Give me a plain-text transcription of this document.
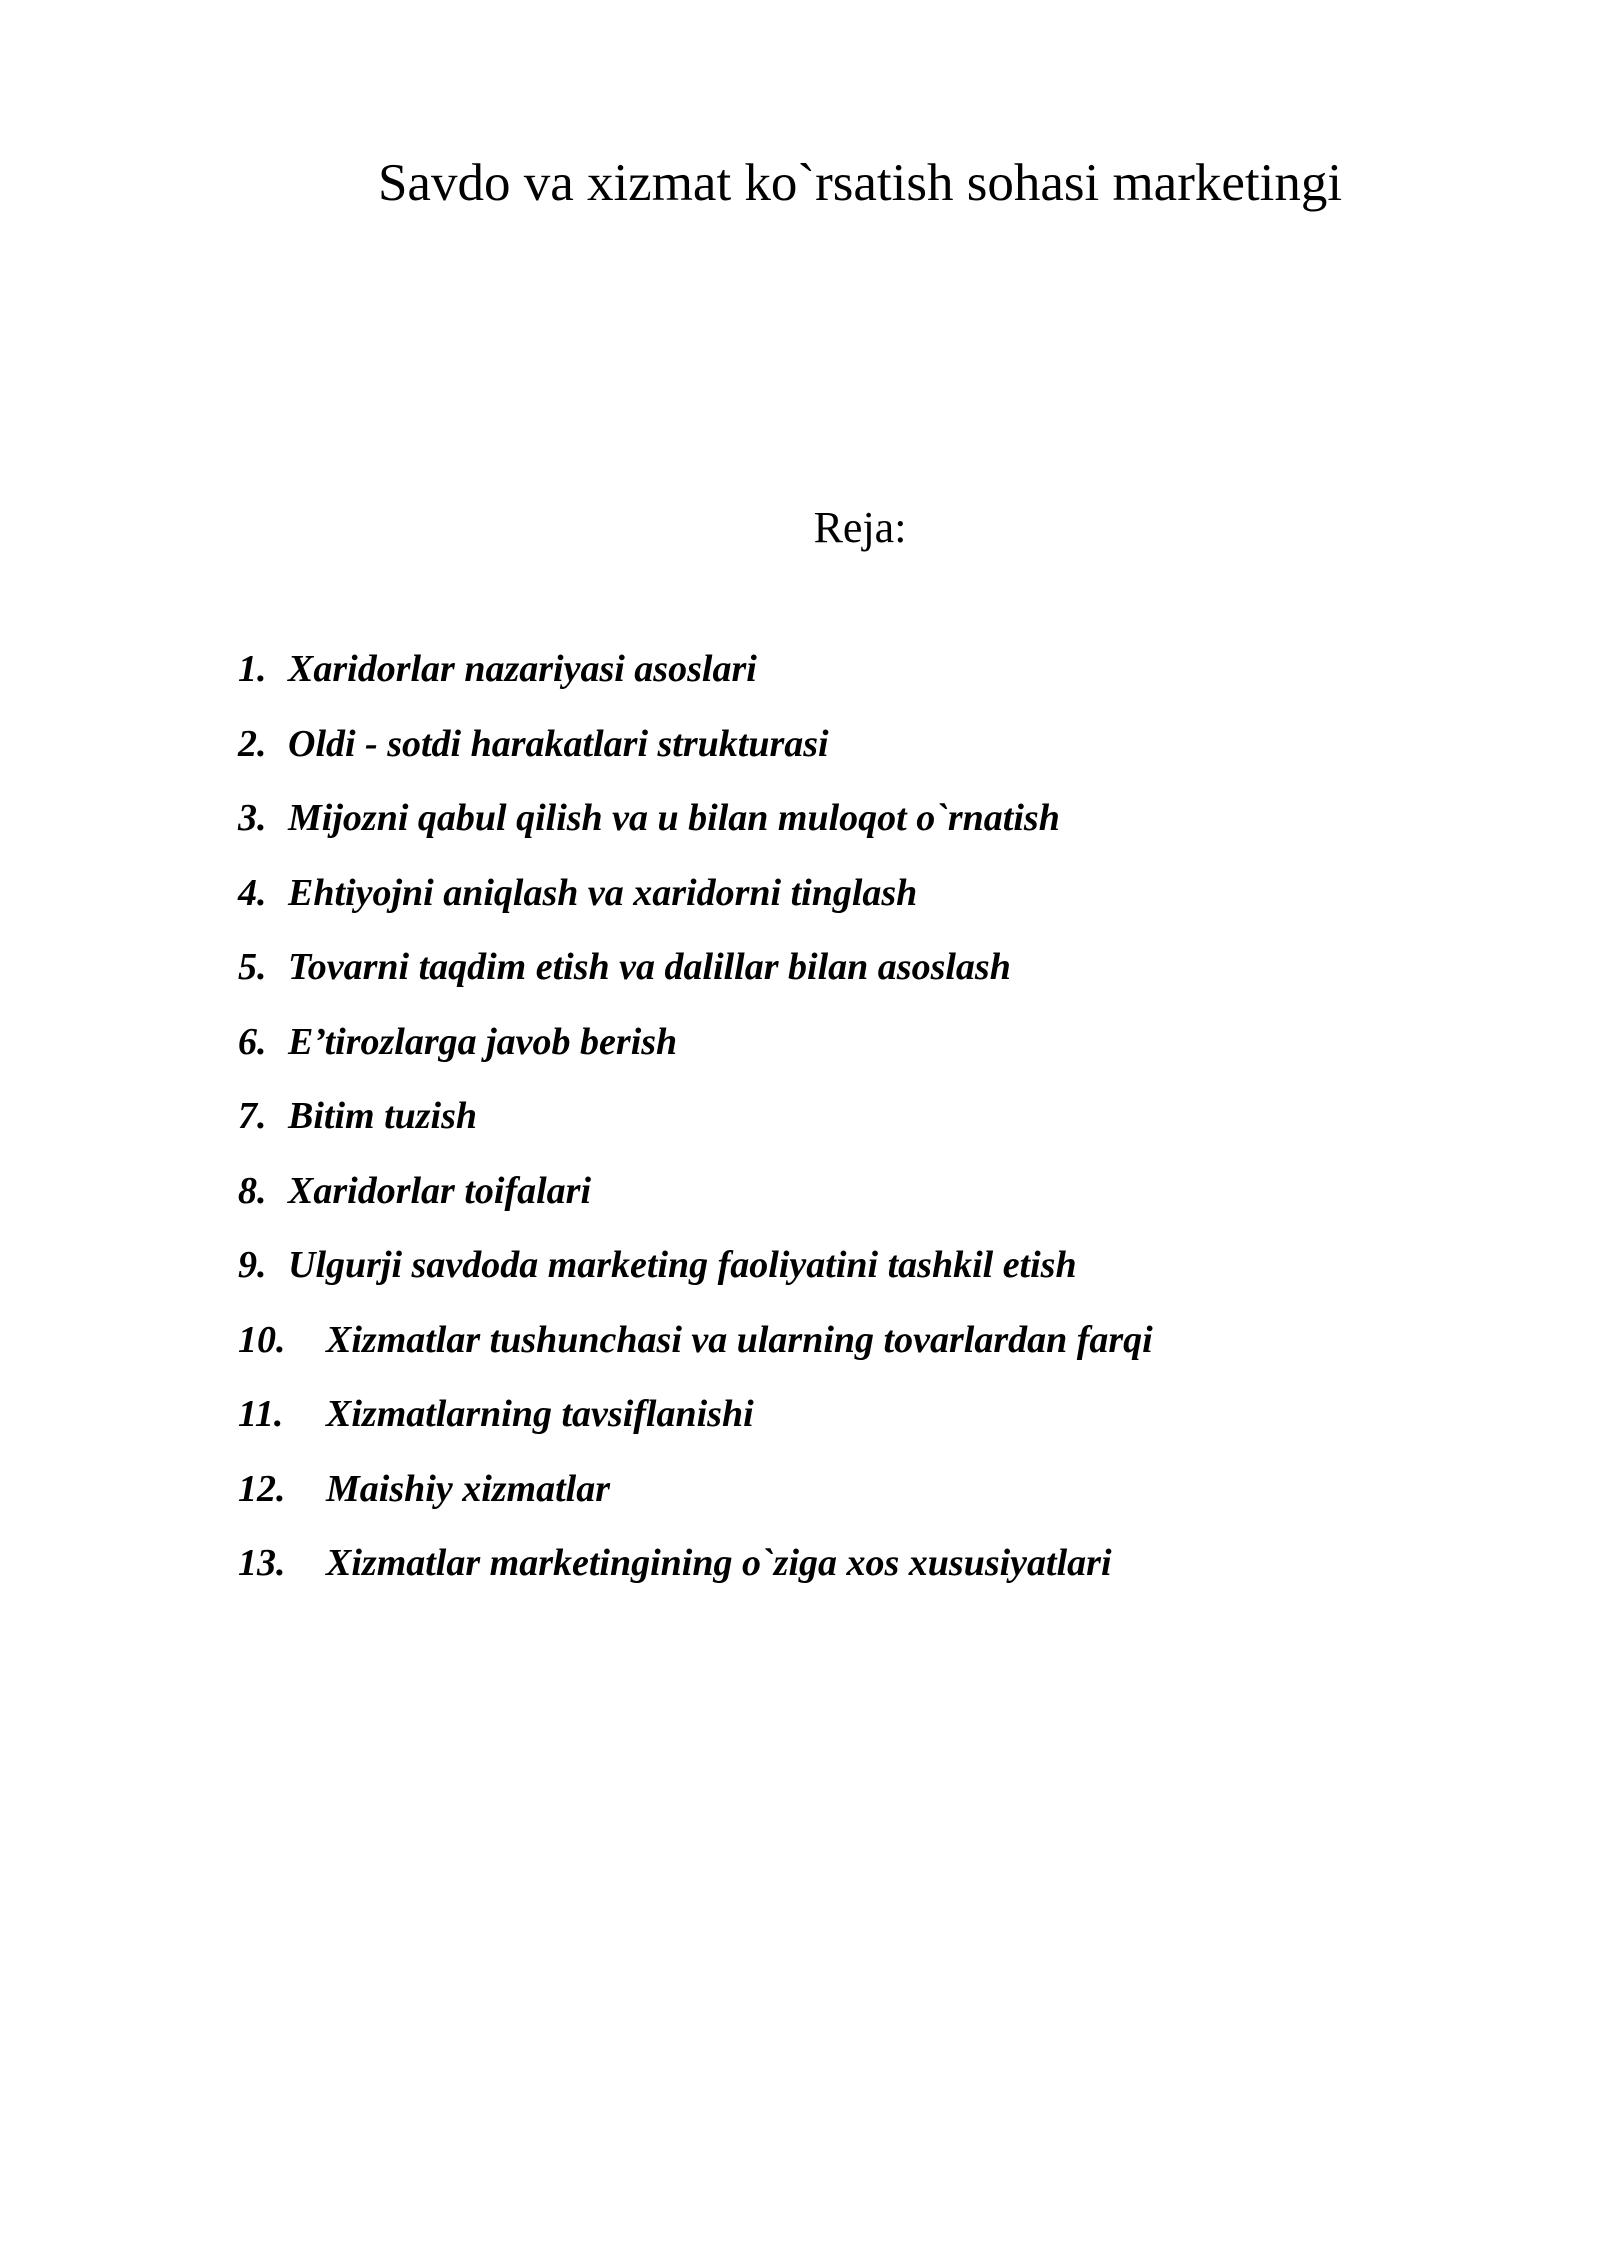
Savdo va xizmat ko`rsatish sohasi marketingi
Reja:
1. Xaridorlar nazariyasi asoslari
2. Oldi - sotdi harakatlari strukturasi
3. Mijozni qabul qilish va u bilan muloqot o`rnatish
4. Ehtiyojni aniqlash va xaridorni tinglash
5. Tovarni taqdim etish va dalillar bilan asoslash
6. E’tirozlarga javob berish
7. Bitim tuzish
8. Xaridorlar toifalari
9. Ulgurji savdoda marketing faoliyatini tashkil etish
10.	Xizmatlar tushunchasi va ularning tovarlardan farqi
11.	Xizmatlarning tavsiflanishi
12.	Maishiy xizmatlar
13.	Xizmatlar marketingining o`ziga xos xususiyatlari
